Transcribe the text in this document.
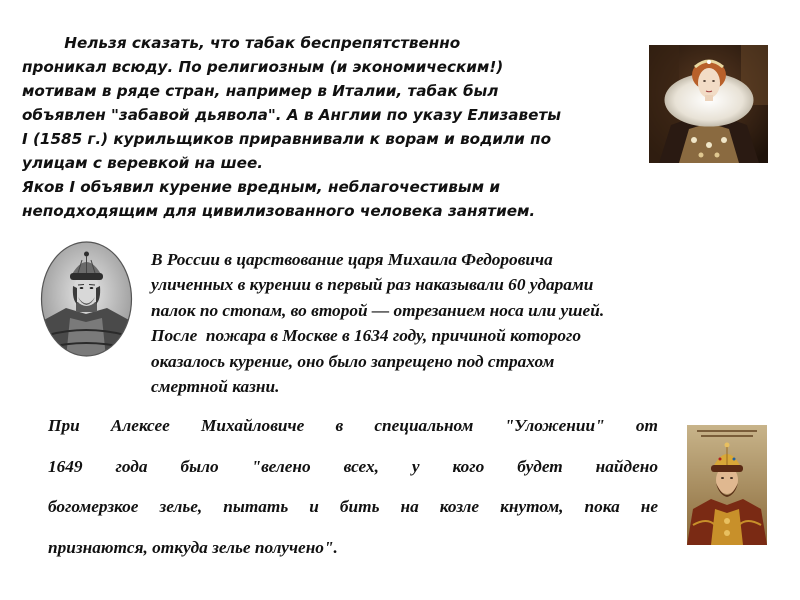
Нельзя сказать, что табак беспрепятственно
проникал всюду. По религиозным (и экономическим!)
мотивам в ряде стран, например в Италии, табак был
объявлен "забавой дьявола". А в Англии по указу Елизаветы
I (1585 г.) курильщиков приравнивали к ворам и водили по
улицам с веревкой на шее.
Яков I объявил курение вредным, неблагочестивым и
неподходящим для цивилизованного человека занятием.
В России в царствование царя Михаила Федоровича
уличенных в курении в первый раз наказывали 60 ударами
палок по стопам, во второй — отрезанием носа или ушей.
После  пожара в Москве в 1634 году, причиной которого
оказалось курение, оно было запрещено под страхом
смертной казни.
При Алексее Михайловиче в специальном "Уложении" от
1649 года было "велено всех, у кого будет найдено
богомерзкое зелье, пытать и бить на козле кнутом, пока не
признаются, откуда зелье получено".
